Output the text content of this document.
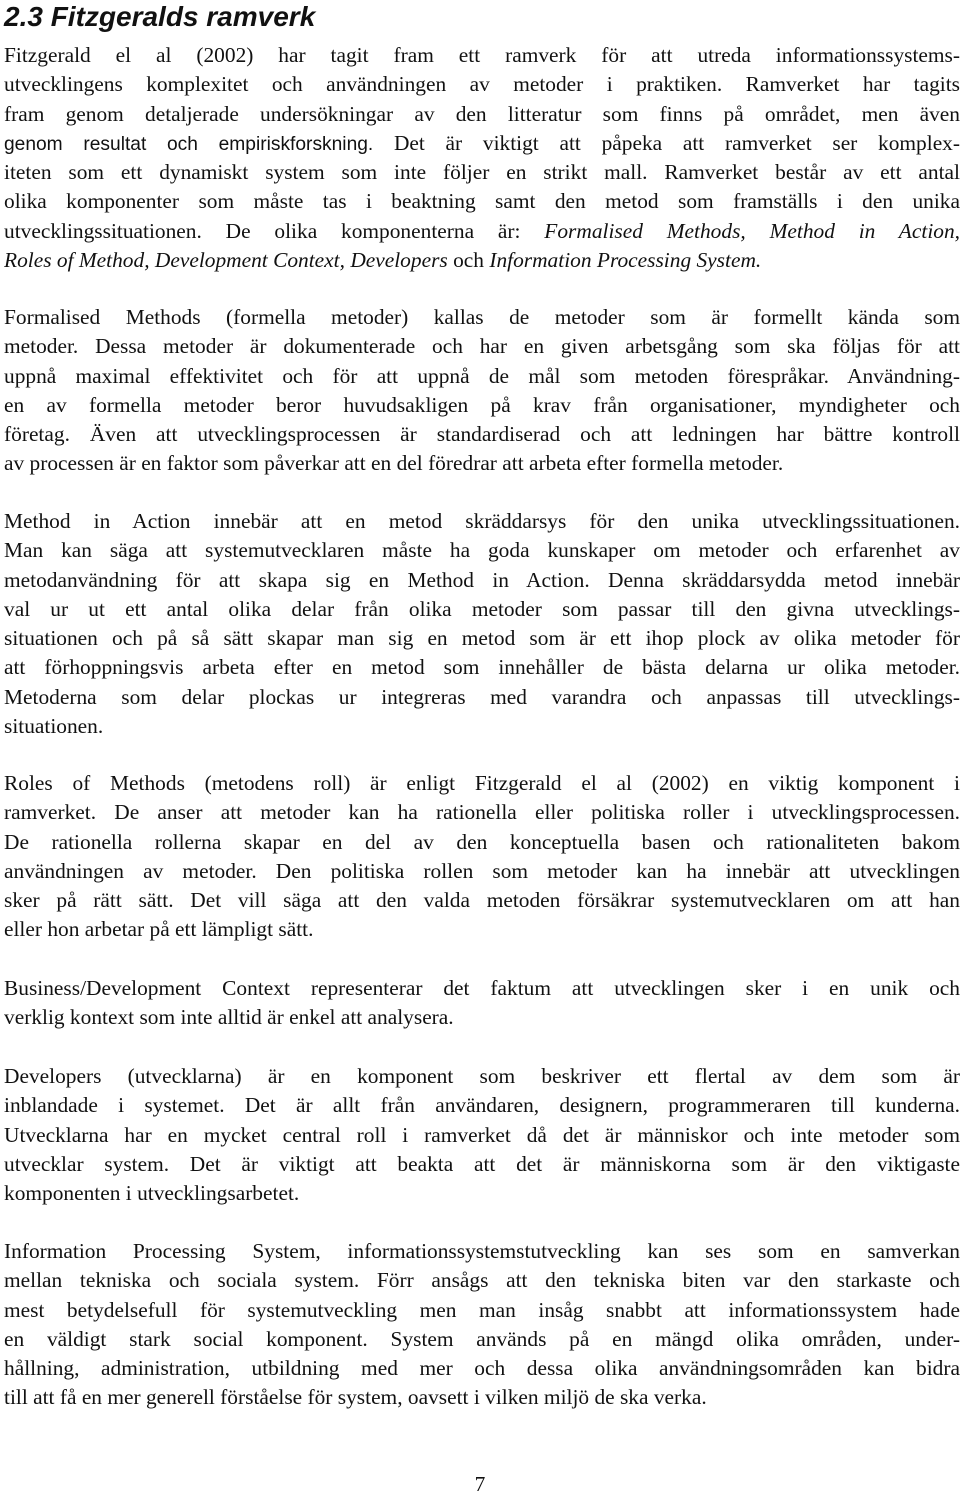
2.3 Fitzgeralds ramverk
Fitzgerald el al (2002) har tagit fram ett ramverk för att utreda informationssystems-
utvecklingens komplexitet och användningen av metoder i praktiken. Ramverket har tagits
fram genom detaljerade undersökningar av den litteratur som finns på området, men även
genom resultat och empiriskforskning. Det är viktigt att påpeka att ramverket ser komplex-
iteten som ett dynamiskt system som inte följer en strikt mall. Ramverket består av ett antal
olika komponenter som måste tas i beaktning samt den metod som framställs i den unika
utvecklingssituationen. De olika komponenterna är: Formalised Methods, Method in Action,
Roles of Method, Development Context, Developers och Information Processing System.
Formalised Methods (formella metoder) kallas de metoder som är formellt kända som
metoder. Dessa metoder är dokumenterade och har en given arbetsgång som ska följas för att
uppnå maximal effektivitet och för att uppnå de mål som metoden förespråkar. Användning-
en av formella metoder beror huvudsakligen på krav från organisationer, myndigheter och
företag. Även att utvecklingsprocessen är standardiserad och att ledningen har bättre kontroll
av processen är en faktor som påverkar att en del föredrar att arbeta efter formella metoder.
Method in Action innebär att en metod skräddarsys för den unika utvecklingssituationen.
Man kan säga att systemutvecklaren måste ha goda kunskaper om metoder och erfarenhet av
metodanvändning för att skapa sig en Method in Action. Denna skräddarsydda metod innebär
val ur ut ett antal olika delar från olika metoder som passar till den givna utvecklings-
situationen och på så sätt skapar man sig en metod som är ett ihop plock av olika metoder för
att förhoppningsvis arbeta efter en metod som innehåller de bästa delarna ur olika metoder.
Metoderna som delar plockas ur integreras med varandra och anpassas till utvecklings-
situationen.
Roles of Methods (metodens roll) är enligt Fitzgerald el al (2002) en viktig komponent i
ramverket. De anser att metoder kan ha rationella eller politiska roller i utvecklingsprocessen.
De rationella rollerna skapar en del av den konceptuella basen och rationaliteten bakom
användningen av metoder. Den politiska rollen som metoder kan ha innebär att utvecklingen
sker på rätt sätt. Det vill säga att den valda metoden försäkrar systemutvecklaren om att han
eller hon arbetar på ett lämpligt sätt.
Business/Development Context representerar det faktum att utvecklingen sker i en unik och
verklig kontext som inte alltid är enkel att analysera.
Developers (utvecklarna) är en komponent som beskriver ett flertal av dem som är
inblandade i systemet. Det är allt från användaren, designern, programmeraren till kunderna.
Utvecklarna har en mycket central roll i ramverket då det är människor och inte metoder som
utvecklar system. Det är viktigt att beakta att det är människorna som är den viktigaste
komponenten i utvecklingsarbetet.
Information Processing System, informationssystemstutveckling kan ses som en samverkan
mellan tekniska och sociala system. Förr ansågs att den tekniska biten var den starkaste och
mest betydelsefull för systemutveckling men man insåg snabbt att informationssystem hade
en väldigt stark social komponent. System används på en mängd olika områden, under-
hållning, administration, utbildning med mer och dessa olika användningsområden kan bidra
till att få en mer generell förståelse för system, oavsett i vilken miljö de ska verka.
7
